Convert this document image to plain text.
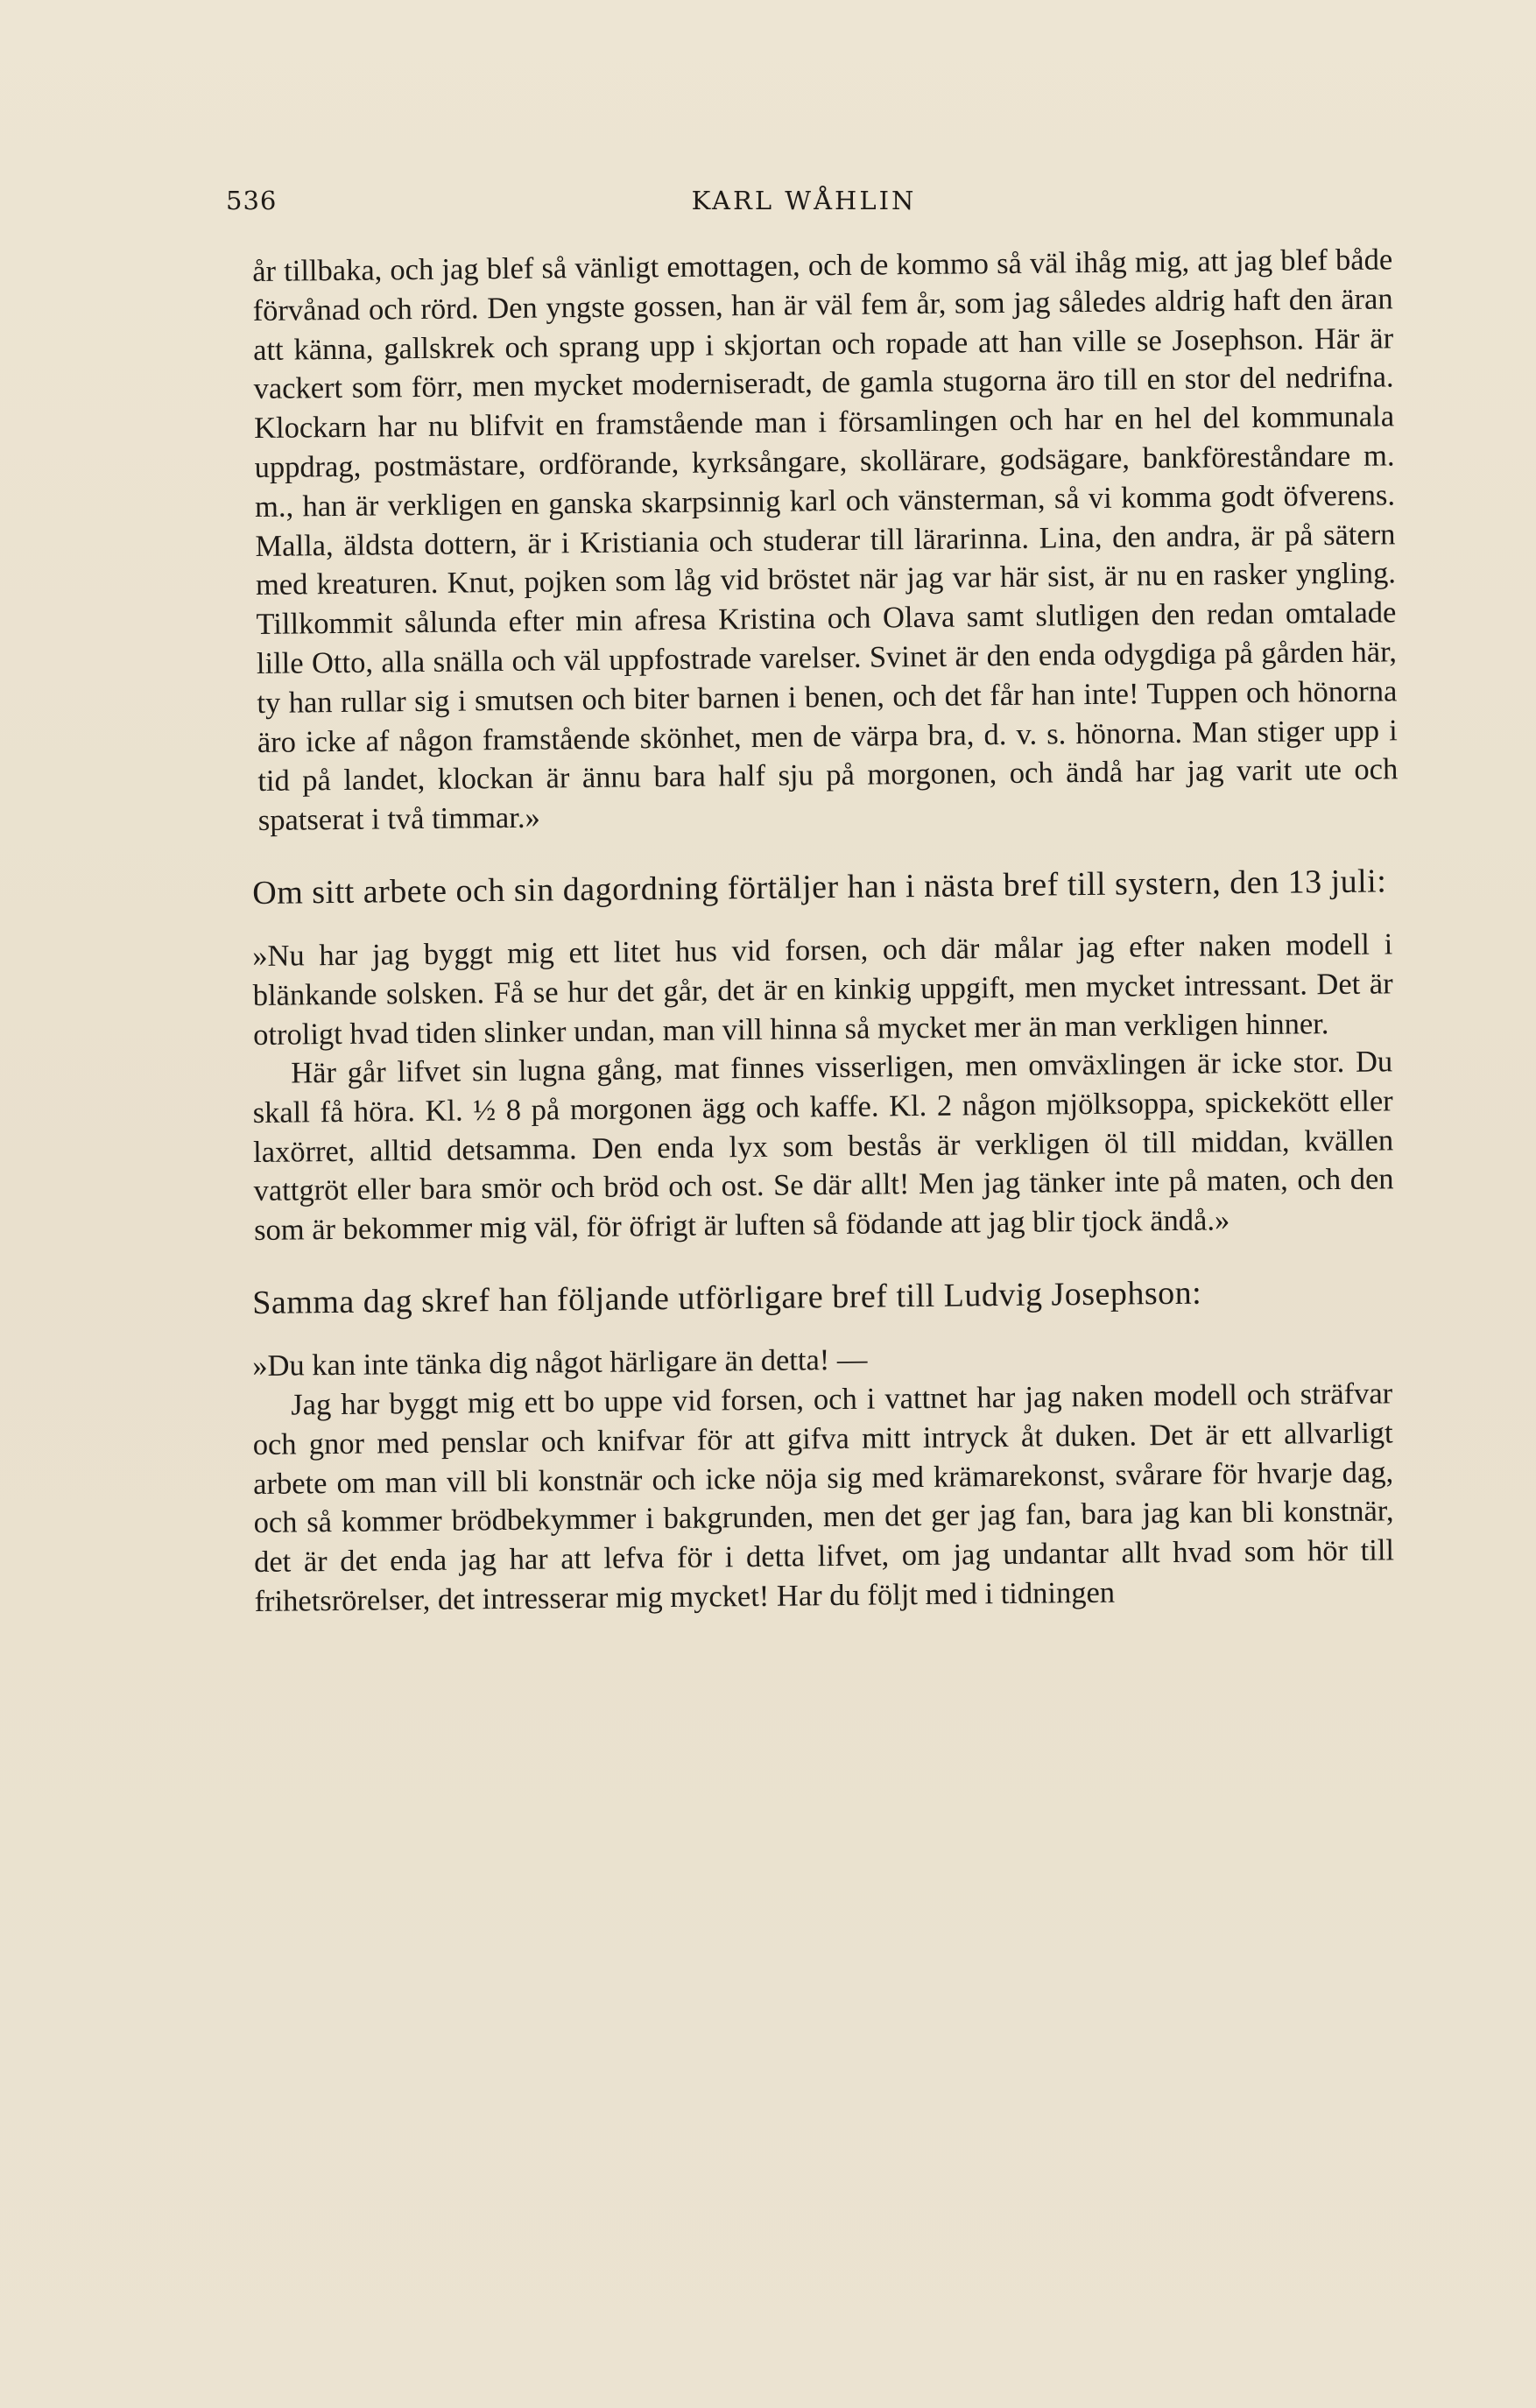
536	KARL WÅHLIN

år tillbaka, och jag blef så vänligt emottagen, och de kommo så väl ihåg mig, att jag blef både förvånad och rörd. Den yngste gossen, han är väl fem år, som jag således aldrig haft den äran att känna, gallskrek och sprang upp i skjortan och ropade att han ville se Josephson. Här är vackert som förr, men mycket moderniseradt, de gamla stugorna äro till en stor del nedrifna. Klockarn har nu blifvit en framstående man i församlingen och har en hel del kommunala uppdrag, postmästare, ordförande, kyrksångare, skollärare, godsägare, bankföreståndare m. m., han är verkligen en ganska skarpsinnig karl och vänsterman, så vi komma godt öfverens. Malla, äldsta dottern, är i Kristiania och studerar till lärarinna. Lina, den andra, är på sätern med kreaturen. Knut, pojken som låg vid bröstet när jag var här sist, är nu en rasker yngling. Tillkommit sålunda efter min afresa Kristina och Olava samt slutligen den redan omtalade lille Otto, alla snälla och väl uppfostrade varelser. Svinet är den enda odygdiga på gården här, ty han rullar sig i smutsen och biter barnen i benen, och det får han inte! Tuppen och hönorna äro icke af någon framstående skönhet, men de värpa bra, d. v. s. hönorna. Man stiger upp i tid på landet, klockan är ännu bara half sju på morgonen, och ändå har jag varit ute och spatserat i två timmar.»

Om sitt arbete och sin dagordning förtäljer han i nästa bref till systern, den 13 juli:

»Nu har jag byggt mig ett litet hus vid forsen, och där målar jag efter naken modell i blänkande solsken. Få se hur det går, det är en kinkig uppgift, men mycket intressant. Det är otroligt hvad tiden slinker undan, man vill hinna så mycket mer än man verkligen hinner.

Här går lifvet sin lugna gång, mat finnes visserligen, men omväxlingen är icke stor. Du skall få höra. Kl. ½ 8 på morgonen ägg och kaffe. Kl. 2 någon mjölksoppa, spickekött eller laxörret, alltid detsamma. Den enda lyx som bestås är verkligen öl till middan, kvällen vattgröt eller bara smör och bröd och ost. Se där allt! Men jag tänker inte på maten, och den som är bekommer mig väl, för öfrigt är luften så födande att jag blir tjock ändå.»

Samma dag skref han följande utförligare bref till Ludvig Josephson:

»Du kan inte tänka dig något härligare än detta! —

Jag har byggt mig ett bo uppe vid forsen, och i vattnet har jag naken modell och sträfvar och gnor med penslar och knifvar för att gifva mitt intryck åt duken. Det är ett allvarligt arbete om man vill bli konstnär och icke nöja sig med krämarekonst, svårare för hvarje dag, och så kommer brödbekymmer i bakgrunden, men det ger jag fan, bara jag kan bli konstnär, det är det enda jag har att lefva för i detta lifvet, om jag undantar allt hvad som hör till frihetsrörelser, det intresserar mig mycket! Har du följt med i tidningen
